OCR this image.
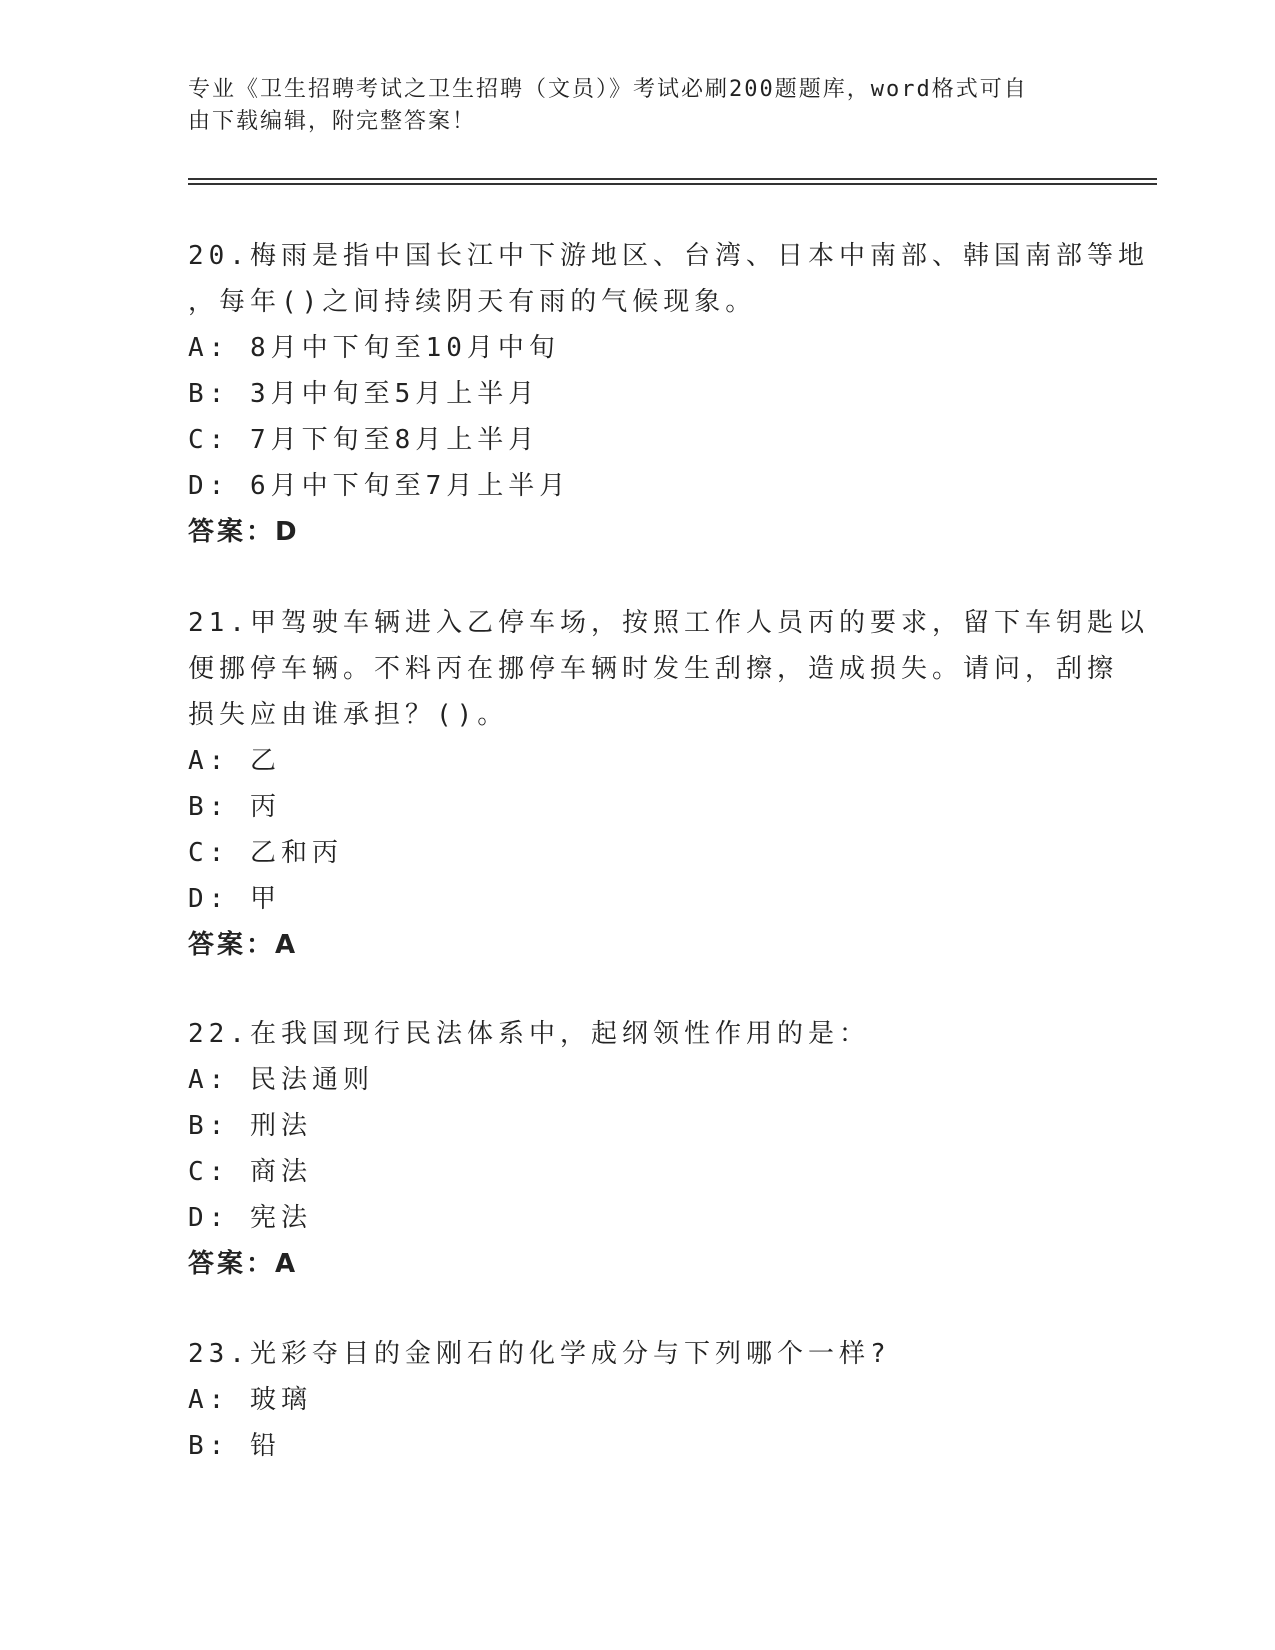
专业《卫生招聘考试之卫生招聘（文员）》考试必刷200题题库，word格式可自
由下载编辑，附完整答案！
20.梅雨是指中国长江中下游地区、台湾、日本中南部、韩国南部等地
，每年()之间持续阴天有雨的气候现象。
A: 8月中下旬至10月中旬
B: 3月中旬至5月上半月
C: 7月下旬至8月上半月
D: 6月中下旬至7月上半月
答案：D
21.甲驾驶车辆进入乙停车场，按照工作人员丙的要求，留下车钥匙以
便挪停车辆。不料丙在挪停车辆时发生刮擦，造成损失。请问，刮擦
损失应由谁承担？()。
A: 乙
B: 丙
C: 乙和丙
D: 甲
答案：A
22.在我国现行民法体系中，起纲领性作用的是：
A: 民法通则
B: 刑法
C: 商法
D: 宪法
答案：A
23.光彩夺目的金刚石的化学成分与下列哪个一样?
A: 玻璃
B: 铅
